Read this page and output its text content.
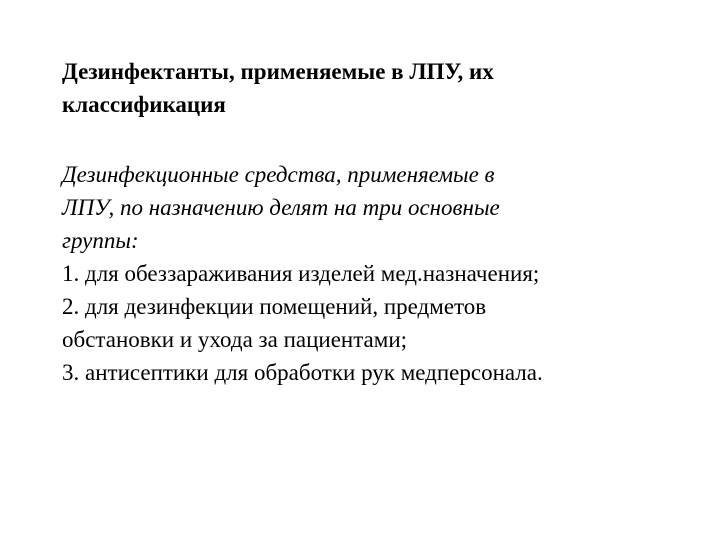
Дезинфектанты, применяемые в ЛПУ, их
классификация
Дезинфекционные средства, применяемые в
ЛПУ, по назначению делят на три основные
группы:
1. для обеззараживания изделей мед.назначения;
2. для дезинфекции помещений, предметов
обстановки и ухода за пациентами;
3. антисептики для обработки рук медперсонала.
